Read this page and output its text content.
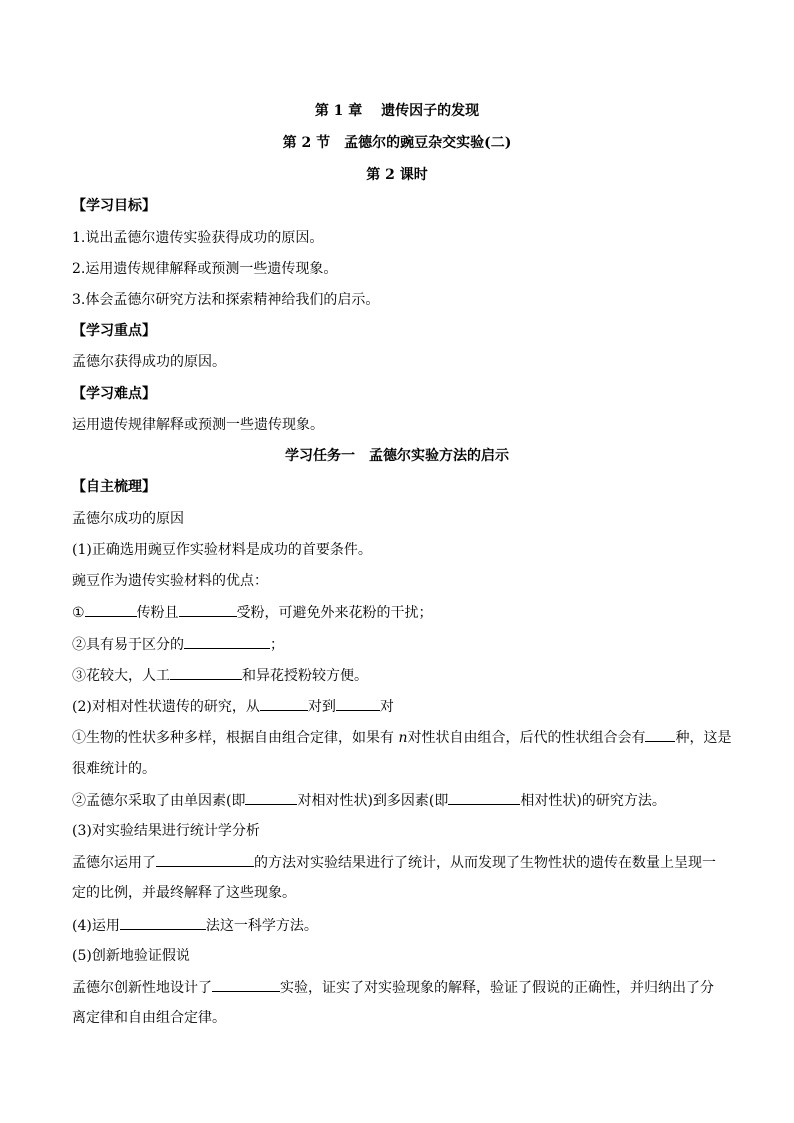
第 1 章　 遗传因子的发现
第 2 节　孟德尔的豌豆杂交实验(二)
第 2 课时
【学习目标】
1.说出孟德尔遗传实验获得成功的原因。
2.运用遗传规律解释或预测一些遗传现象。
3.体会孟德尔研究方法和探索精神给我们的启示。
【学习重点】
孟德尔获得成功的原因。
【学习难点】
运用遗传规律解释或预测一些遗传现象。
学习任务一　孟德尔实验方法的启示
【自主梳理】
孟德尔成功的原因
(1)正确选用豌豆作实验材料是成功的首要条件。
豌豆作为遗传实验材料的优点：
①	传粉且	受粉，可避免外来花粉的干扰；
②具有易于区分的	；
③花较大，人工	和异花授粉较方便。
(2)对相对性状遗传的研究，从	对到	对
①生物的性状多种多样，根据自由组合定律，如果有 n对性状自由组合，后代的性状组合会有 种，这是
很难统计的。
②孟德尔采取了由单因素(即	对相对性状)到多因素(即	相对性状)的研究方法。
(3)对实验结果进行统计学分析
孟德尔运用了	的方法对实验结果进行了统计，从而发现了生物性状的遗传在数量上呈现一
定的比例，并最终解释了这些现象。
(4)运用	法这一科学方法。
(5)创新地验证假说
孟德尔创新性地设计了	实验，证实了对实验现象的解释，验证了假说的正确性，并归纳出了分
离定律和自由组合定律。
